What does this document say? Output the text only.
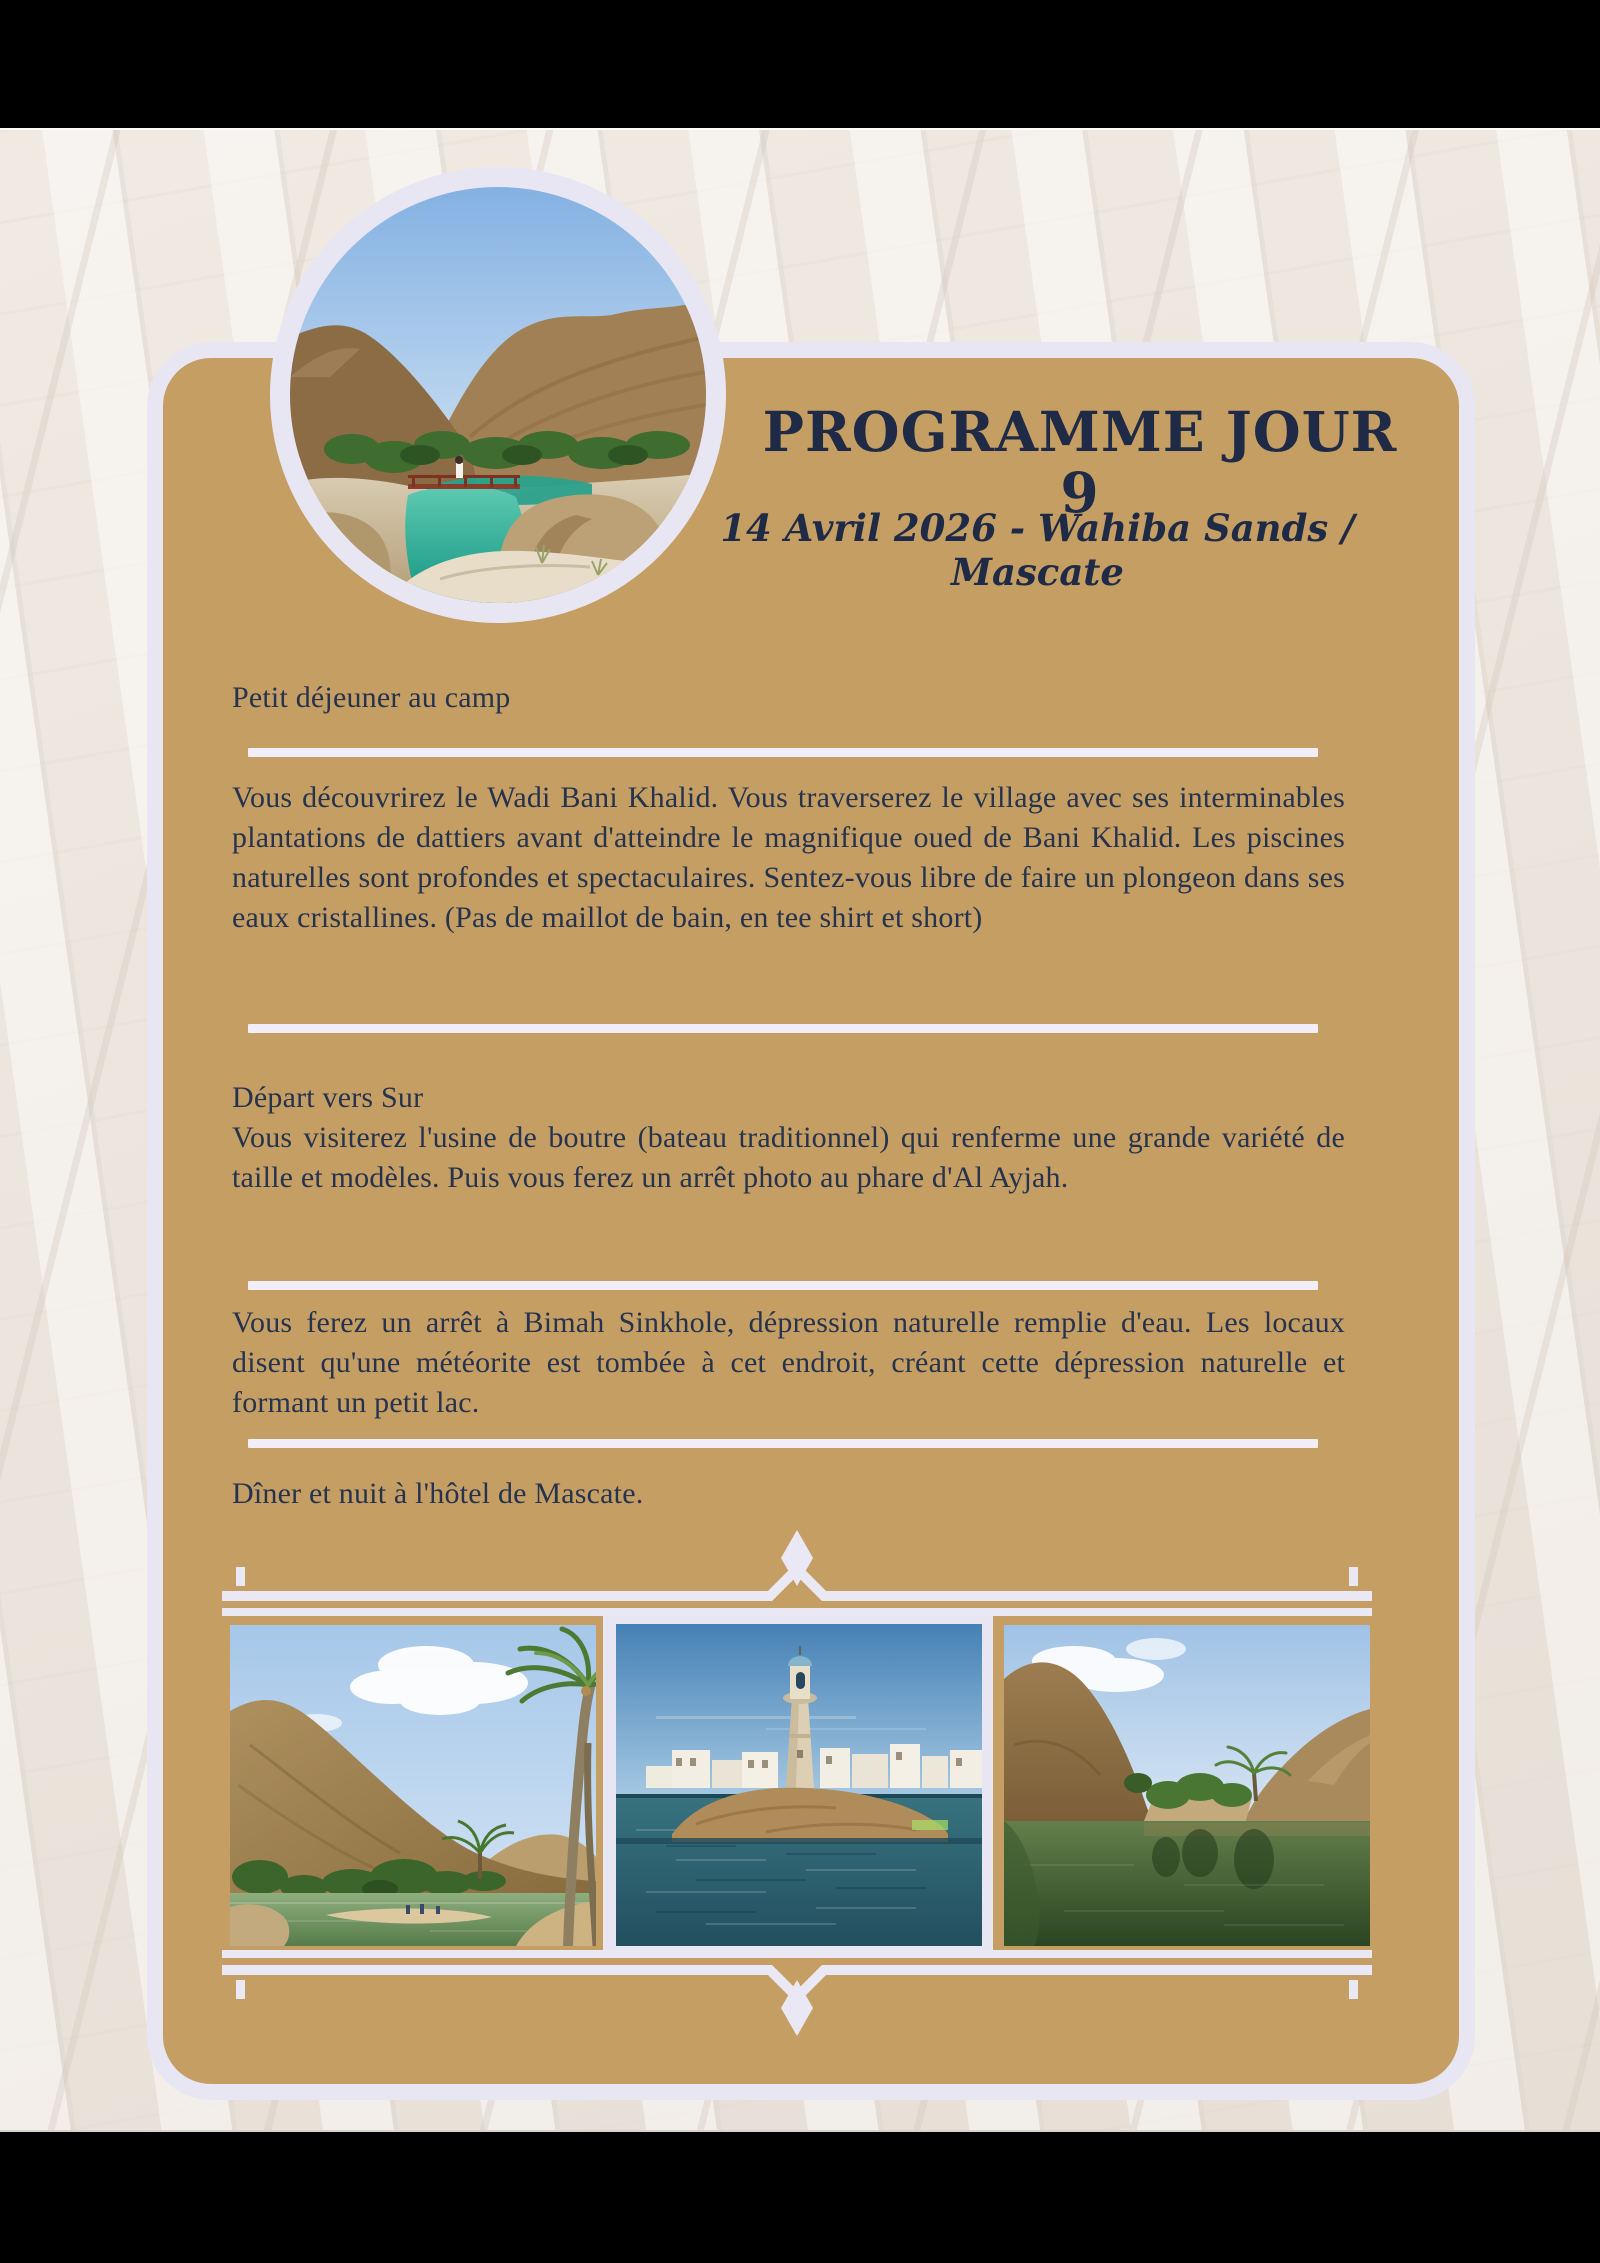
PROGRAMME JOUR 9
14 Avril 2026 - Wahiba Sands / Mascate
Petit déjeuner au camp
Vous découvrirez le Wadi Bani Khalid. Vous traverserez le village avec ses interminables plantations de dattiers avant d'atteindre le magnifique oued de Bani Khalid. Les piscines naturelles sont profondes et spectaculaires. Sentez-vous libre de faire un plongeon dans ses eaux cristallines. (Pas de maillot de bain, en tee shirt et short)
Départ vers Sur
Vous visiterez l'usine de boutre (bateau traditionnel) qui renferme une grande variété de taille et modèles. Puis vous ferez un arrêt photo au phare d'Al Ayjah.
Vous ferez un arrêt à Bimah Sinkhole, dépression naturelle remplie d'eau. Les locaux disent qu'une météorite est tombée à cet endroit, créant cette dépression naturelle et formant un petit lac.
Dîner et nuit à l'hôtel de Mascate.
